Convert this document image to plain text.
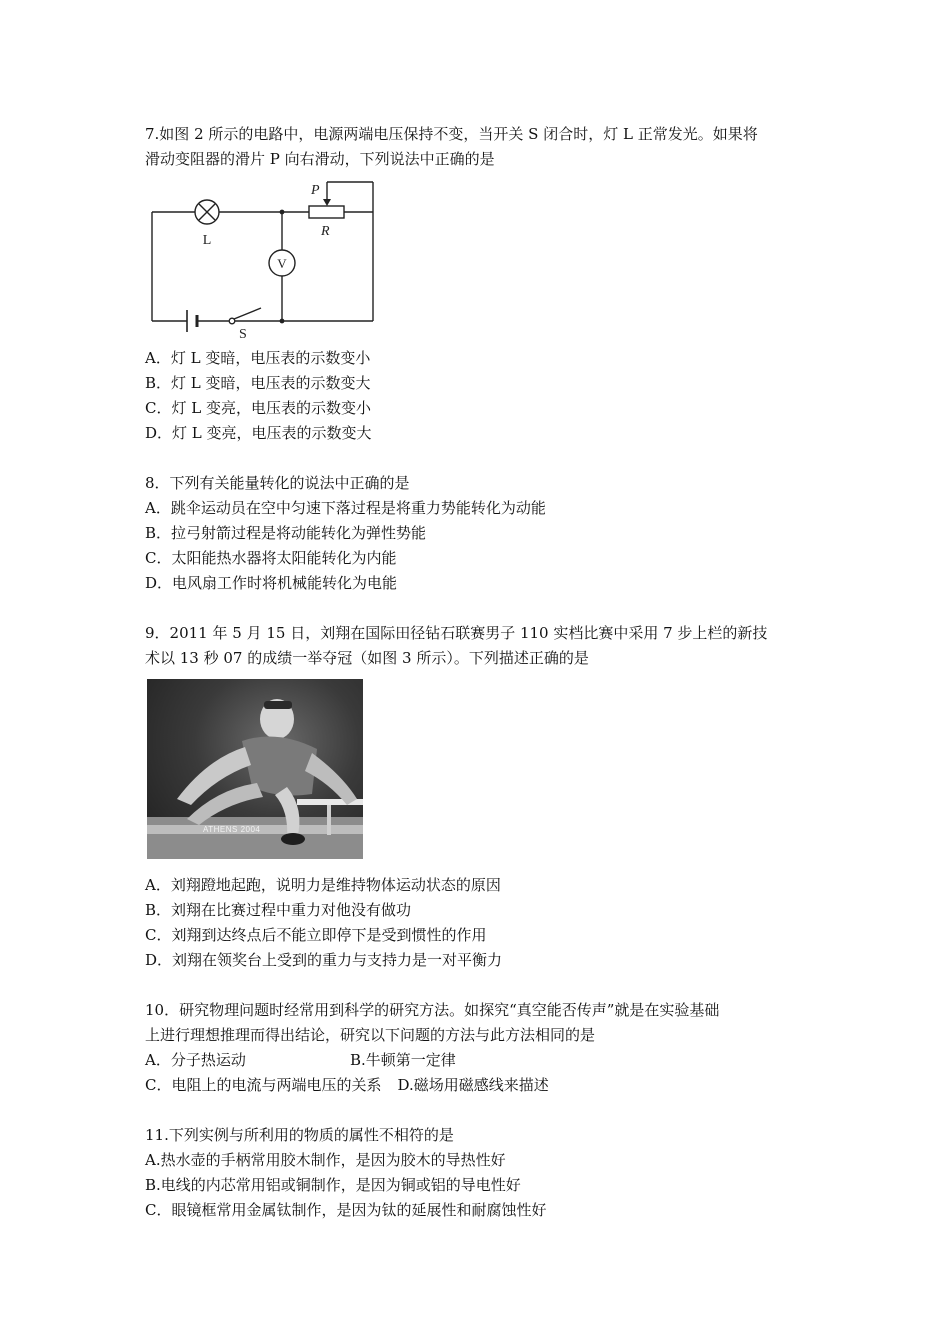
7.如图 2 所示的电路中，电源两端电压保持不变，当开关 S 闭合时，灯 L 正常发光。如果将
滑动变阻器的滑片 P 向右滑动，下列说法中正确的是
L
P
R
V
S
A．灯 L 变暗，电压表的示数变小
B．灯 L 变暗，电压表的示数变大
C．灯 L 变亮，电压表的示数变小
D．灯 L 变亮，电压表的示数变大
8．下列有关能量转化的说法中正确的是
A．跳伞运动员在空中匀速下落过程是将重力势能转化为动能
B．拉弓射箭过程是将动能转化为弹性势能
C．太阳能热水器将太阳能转化为内能
D．电风扇工作时将机械能转化为电能
9．2011 年 5 月 15 日，刘翔在国际田径钻石联赛男子 110 实档比赛中采用 7 步上栏的新技
术以 13 秒 07 的成绩一举夺冠（如图 3 所示）。下列描述正确的是
ATHENS 2004
A．刘翔蹬地起跑，说明力是维持物体运动状态的原因
B．刘翔在比赛过程中重力对他没有做功
C．刘翔到达终点后不能立即停下是受到惯性的作用
D．刘翔在领奖台上受到的重力与支持力是一对平衡力
10．研究物理问题时经常用到科学的研究方法。如探究“真空能否传声”就是在实验基础
上进行理想推理而得出结论，研究以下问题的方法与此方法相同的是
A．分子热运动	B.牛顿第一定律
C．电阻上的电流与两端电压的关系 D.磁场用磁感线来描述
11.下列实例与所利用的物质的属性不相符的是
A.热水壶的手柄常用胶木制作，是因为胶木的导热性好
B.电线的内芯常用铝或铜制作，是因为铜或铝的导电性好
C．眼镜框常用金属钛制作，是因为钛的延展性和耐腐蚀性好
